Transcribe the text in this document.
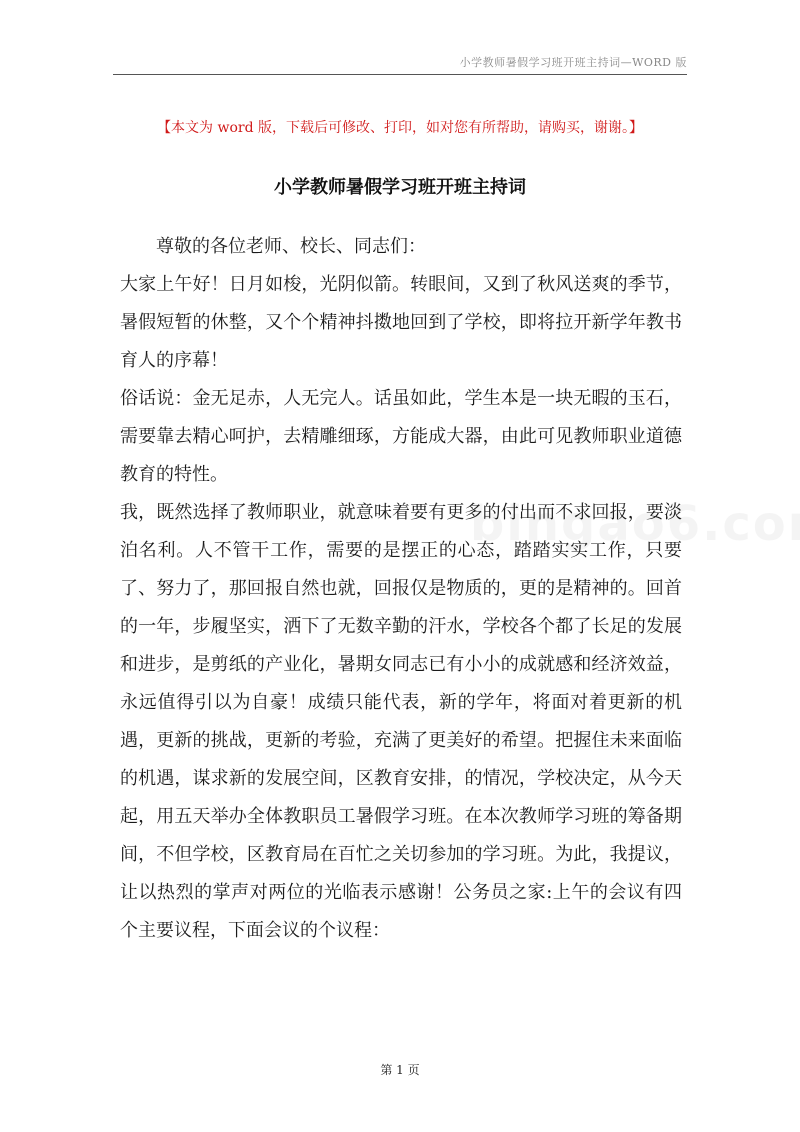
小学教师暑假学习班开班主持词—WORD 版
【本文为 word 版，下载后可修改、打印，如对您有所帮助，请购买，谢谢。】
小学教师暑假学习班开班主持词

尊敬的各位老师、校长、同志们：

大家上午好！日月如梭，光阴似箭。转眼间，又到了秋风送爽的季节，暑假短暂的休整，又个个精神抖擞地回到了学校，即将拉开新学年教书育人的序幕！

俗话说：金无足赤，人无完人。话虽如此，学生本是一块无暇的玉石，需要靠去精心呵护，去精雕细琢，方能成大器，由此可见教师职业道德教育的特性。

我，既然选择了教师职业，就意味着要有更多的付出而不求回报，要淡泊名利。人不管干工作，需要的是摆正的心态，踏踏实实工作，只要了、努力了，那回报自然也就，回报仅是物质的，更的是精神的。回首的一年，步履坚实，洒下了无数辛勤的汗水，学校各个都了长足的发展和进步，是剪纸的产业化，暑期女同志已有小小的成就感和经济效益，永远值得引以为自豪！成绩只能代表，新的学年，将面对着更新的机遇，更新的挑战，更新的考验，充满了更美好的希望。把握住未来面临的机遇，谋求新的发展空间，区教育安排，的情况，学校决定，从今天起，用五天举办全体教职员工暑假学习班。在本次教师学习班的筹备期间，不但学校，区教育局在百忙之关切参加的学习班。为此，我提议，让以热烈的掌声对两位的光临表示感谢！公务员之家:上午的会议有四个主要议程，下面会议的个议程：

第 1 页
